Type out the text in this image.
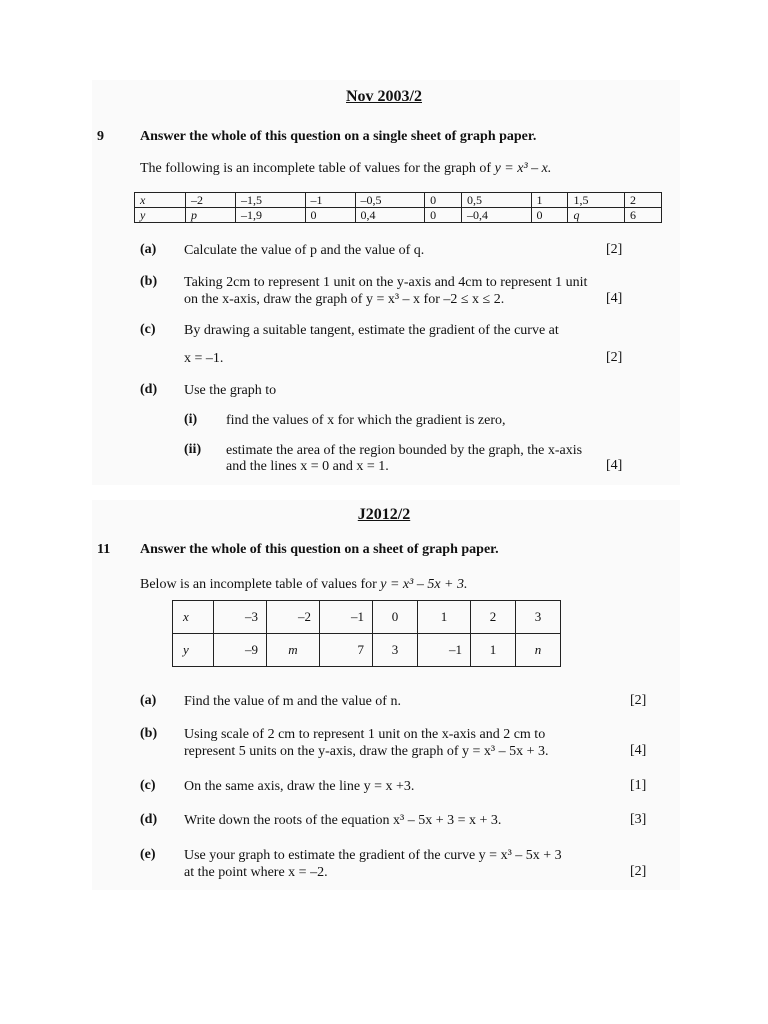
Nov 2003/2
9	Answer the whole of this question on a single sheet of graph paper.
The following is an incomplete table of values for the graph of y = x³ – x.
x	–2	–1,5	–1	–0,5	0	0,5	1	1,5	2
y	p	–1,9	0	0,4	0	–0,4	0	q	6
(a) Calculate the value of p and the value of q.	[2]
(b) Taking 2cm to represent 1 unit on the y-axis and 4cm to represent 1 unit
on the x-axis, draw the graph of y = x³ – x for –2 ≤ x ≤ 2.	[4]
(c) By drawing a suitable tangent, estimate the gradient of the curve at
x = –1.	[2]
(d) Use the graph to
(i) find the values of x for which the gradient is zero,
(ii) estimate the area of the region bounded by the graph, the x-axis
and the lines x = 0 and x = 1.	[4]
J2012/2
11 Answer the whole of this question on a sheet of graph paper.
Below is an incomplete table of values for y = x³ – 5x + 3.
x	–3	–2	–1	0	1	2	3
y	–9	m	7	3	–1	1	n
(a) Find the value of m and the value of n.	[2]
(b) Using scale of 2 cm to represent 1 unit on the x-axis and 2 cm to
represent 5 units on the y-axis, draw the graph of y = x³ – 5x + 3.	[4]
(c) On the same axis, draw the line y = x +3.	[1]
(d) Write down the roots of the equation x³ – 5x + 3 = x + 3.	[3]
(e) Use your graph to estimate the gradient of the curve y = x³ – 5x + 3
at the point where x = –2.	[2]
